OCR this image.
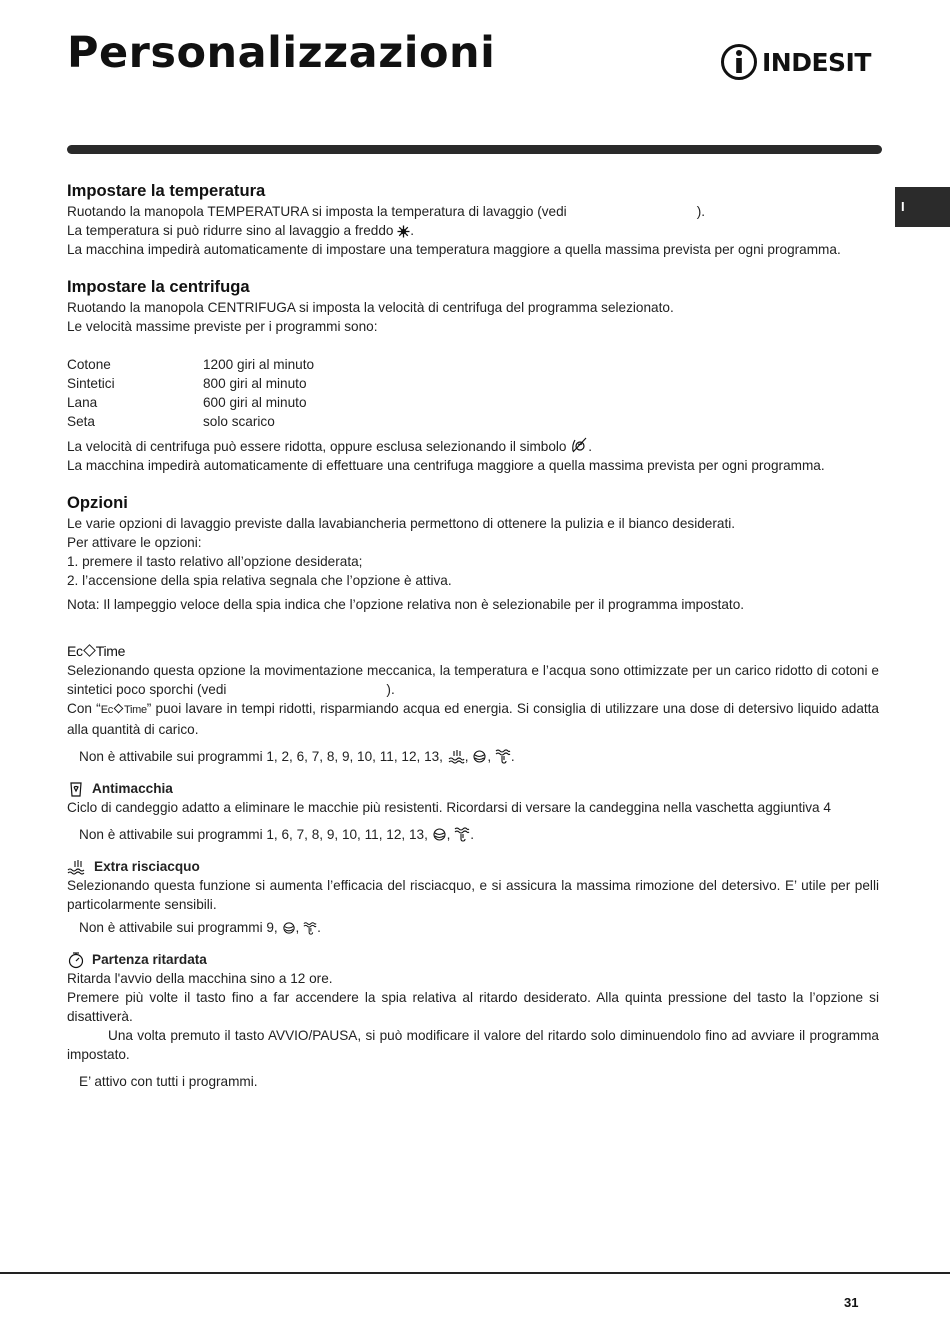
Personalizzazioni	INDESIT
I
Impostare la temperatura

Ruotando la manopola TEMPERATURA si imposta la temperatura di lavaggio (vedi	).

La temperatura si può ridurre sino al lavaggio a freddo .

La macchina impedirà automaticamente di impostare una temperatura maggiore a quella massima prevista per ogni programma.

Impostare la centrifuga

Ruotando la manopola CENTRIFUGA si imposta la velocità di centrifuga del programma selezionato.

Le velocità massime previste per i programmi sono:

Cotone	1200 giri al minuto
Sintetici	800 giri al minuto
Lana	600 giri al minuto
Seta	solo scarico

La velocità di centrifuga può essere ridotta, oppure esclusa selezionando il simbolo .

La macchina impedirà automaticamente di effettuare una centrifuga maggiore a quella massima prevista per ogni programma.

Opzioni

Le varie opzioni di lavaggio previste dalla lavabiancheria permettono di ottenere la pulizia e il bianco desiderati.

Per attivare le opzioni:

1. premere il tasto relativo all’opzione desiderata;

2. l’accensione della spia relativa segnala che l’opzione è attiva.

Nota: Il lampeggio veloce della spia indica che l’opzione relativa non è selezionabile per il programma impostato.

Ec Time

Selezionando questa opzione la movimentazione meccanica, la temperatura e l’acqua sono ottimizzate per un carico ridotto di cotoni e sintetici poco sporchi (vedi	).

Con “Ec Time” puoi lavare in tempi ridotti, risparmiando acqua ed energia. Si consiglia di utilizzare una dose di detersivo liquido adatta alla quantità di carico.

Non è attivabile sui programmi 1, 2, 6, 7, 8, 9, 10, 11, 12, 13, , , .

Antimacchia

Ciclo di candeggio adatto a eliminare le macchie più resistenti. Ricordarsi di versare la candeggina nella vaschetta aggiuntiva 4

Non è attivabile sui programmi 1, 6, 7, 8, 9, 10, 11, 12, 13, , .

Extra risciacquo

Selezionando questa funzione si aumenta l’efficacia del risciacquo, e si assicura la massima rimozione del detersivo. E’ utile per pelli particolarmente sensibili.

Non è attivabile sui programmi 9, , .

Partenza ritardata

Ritarda l'avvio della macchina sino a 12 ore.

Premere più volte il tasto fino a far accendere la spia relativa al ritardo desiderato. Alla quinta pressione del tasto la l’opzione si disattiverà.

Una volta premuto il tasto AVVIO/PAUSA, si può modificare il valore del ritardo solo diminuendolo fino ad avviare il programma impostato.

E’ attivo con tutti i programmi.

31
